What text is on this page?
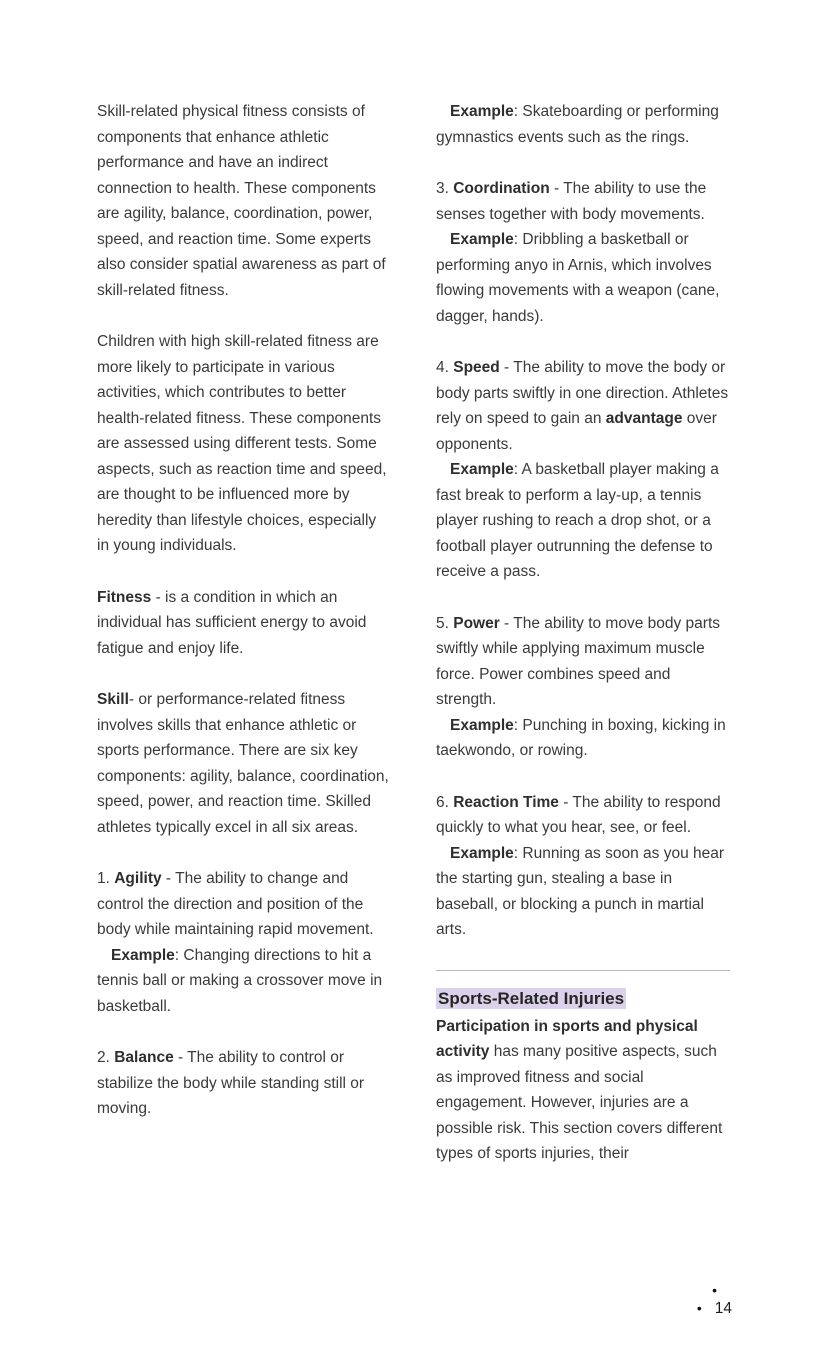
Skill-related physical fitness consists of components that enhance athletic performance and have an indirect connection to health. These components are agility, balance, coordination, power, speed, and reaction time. Some experts also consider spatial awareness as part of skill-related fitness.

Children with high skill-related fitness are more likely to participate in various activities, which contributes to better health-related fitness. These components are assessed using different tests. Some aspects, such as reaction time and speed, are thought to be influenced more by heredity than lifestyle choices, especially in young individuals.

Fitness - is a condition in which an individual has sufficient energy to avoid fatigue and enjoy life.

Skill- or performance-related fitness involves skills that enhance athletic or sports performance. There are six key components: agility, balance, coordination, speed, power, and reaction time. Skilled athletes typically excel in all six areas.

1. Agility - The ability to change and control the direction and position of the body while maintaining rapid movement.

Example: Changing directions to hit a tennis ball or making a crossover move in basketball.

2. Balance - The ability to control or stabilize the body while standing still or moving.

Example: Skateboarding or performing gymnastics events such as the rings.

3. Coordination - The ability to use the senses together with body movements.

Example: Dribbling a basketball or performing anyo in Arnis, which involves flowing movements with a weapon (cane, dagger, hands).

4. Speed - The ability to move the body or body parts swiftly in one direction. Athletes rely on speed to gain an advantage over opponents.

Example: A basketball player making a fast break to perform a lay-up, a tennis player rushing to reach a drop shot, or a football player outrunning the defense to receive a pass.

5. Power - The ability to move body parts swiftly while applying maximum muscle force. Power combines speed and strength.

Example: Punching in boxing, kicking in taekwondo, or rowing.

6. Reaction Time - The ability to respond quickly to what you hear, see, or feel.

Example: Running as soon as you hear the starting gun, stealing a base in baseball, or blocking a punch in martial arts.

Sports-Related Injuries

Participation in sports and physical activity has many positive aspects, such as improved fitness and social engagement. However, injuries are a possible risk. This section covers different types of sports injuries, their

•
• 14
